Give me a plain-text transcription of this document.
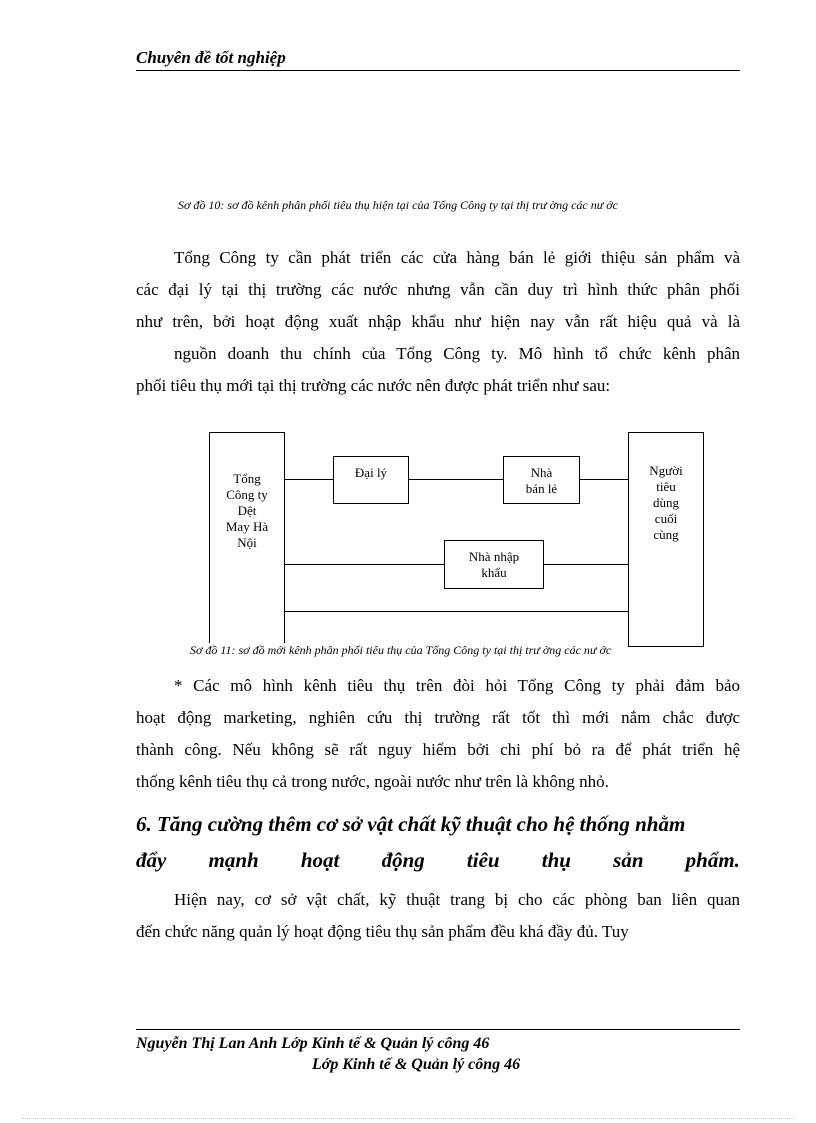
Chuyên đề tốt nghiệp
Sơ đồ 10: sơ đồ kênh phân phối tiêu thụ hiện tại của Tổng Công ty tại thị trư ờng các nư ớc

Tổng Công ty cần phát triển các cửa hàng bán lẻ giới thiệu sản phẩm và

các đại lý tại thị trường các nước nhưng vẫn cần duy trì hình thức phân phối

như trên, bởi hoạt động xuất nhập khẩu như hiện nay vẫn rất hiệu quả và là

nguồn doanh thu chính của Tổng Công ty. Mô hình tổ chức kênh phân

phối tiêu thụ mới tại thị trường các nước nên được phát triển như sau:

Tổng
Công ty
Dệt
May Hà
Nội
Đại lý	Nhà
bán lẻ
Nhà nhập
khẩu
Người
tiêu
dùng
cuối
cùng
Sơ đồ 11: sơ đồ mới kênh phân phối tiêu thụ của Tổng Công ty tại thị trư ờng các nư ớc

* Các mô hình kênh tiêu thụ trên đòi hỏi Tổng Công ty phải đảm bảo

hoạt động marketing, nghiên cứu thị trường rất tốt thì mới nắm chắc được

thành công. Nếu không sẽ rất nguy hiểm bởi chi phí bỏ ra để phát triển hệ

thống kênh tiêu thụ cả trong nước, ngoài nước như trên là không nhỏ.

6. Tăng cường thêm cơ sở vật chất kỹ thuật cho hệ thống nhằm
đẩy mạnh hoạt động tiêu thụ sản phẩm.

Hiện nay, cơ sở vật chất, kỹ thuật trang bị cho các phòng ban liên quan

đến chức năng quản lý hoạt động tiêu thụ sản phẩm đều khá đầy đủ. Tuy

Nguyễn Thị Lan Anh Lớp Kinh tế & Quản lý công 46
Lớp Kinh tế & Quản lý công 46
